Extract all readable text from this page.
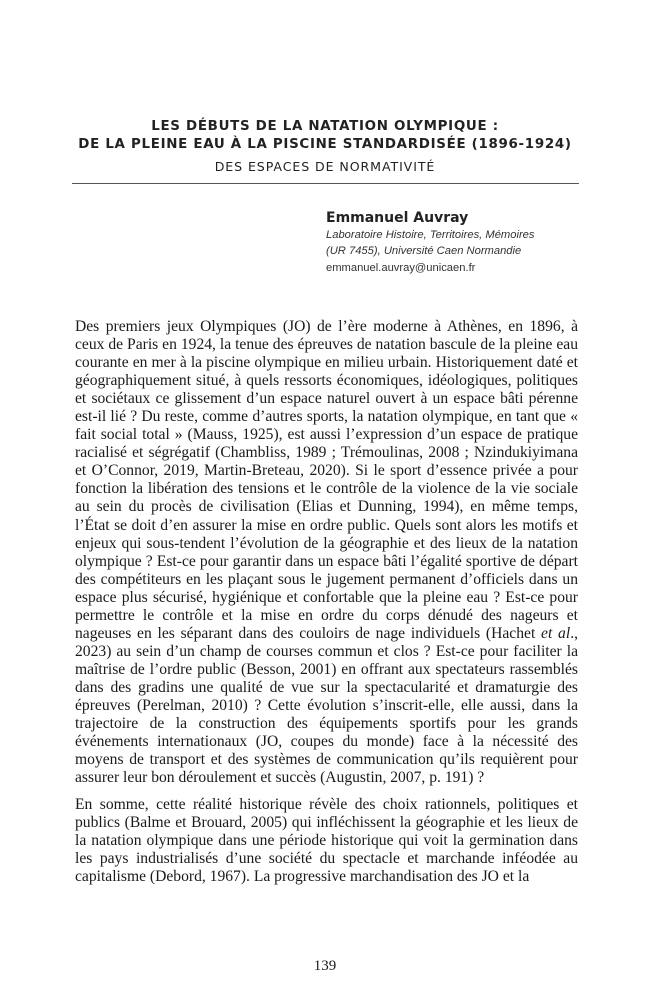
LES DÉBUTS DE LA NATATION OLYMPIQUE :
DE LA PLEINE EAU À LA PISCINE STANDARDISÉE (1896-1924)
DES ESPACES DE NORMATIVITÉ
Emmanuel Auvray
Laboratoire Histoire, Territoires, Mémoires
(UR 7455), Université Caen Normandie
emmanuel.auvray@unicaen.fr

Des premiers jeux Olympiques (JO) de l’ère moderne à Athènes, en 1896, à ceux de Paris en 1924, la tenue des épreuves de natation bascule de la pleine eau courante en mer à la piscine olympique en milieu urbain. Historiquement daté et géographiquement situé, à quels ressorts économiques, idéologiques, politiques et sociétaux ce glissement d’un espace naturel ouvert à un espace bâti pérenne est-il lié ? Du reste, comme d’autres sports, la natation olympique, en tant que « fait social total » (Mauss, 1925), est aussi l’expression d’un espace de pratique racialisé et ségrégatif (Chambliss, 1989 ; Trémoulinas, 2008 ; Nzindukiyimana et O’Connor, 2019, Martin-Breteau, 2020). Si le sport d’essence privée a pour fonction la libération des tensions et le contrôle de la violence de la vie sociale au sein du procès de civilisation (Elias et Dunning, 1994), en même temps, l’État se doit d’en assurer la mise en ordre public. Quels sont alors les motifs et enjeux qui sous-tendent l’évolution de la géographie et des lieux de la natation olympique ? Est-ce pour garantir dans un espace bâti l’égalité sportive de départ des compétiteurs en les plaçant sous le jugement permanent d’officiels dans un espace plus sécurisé, hygiénique et confortable que la pleine eau ? Est-ce pour permettre le contrôle et la mise en ordre du corps dénudé des nageurs et nageuses en les séparant dans des couloirs de nage individuels (Hachet et al., 2023) au sein d’un champ de courses commun et clos ? Est-ce pour faciliter la maîtrise de l’ordre public (Besson, 2001) en offrant aux spectateurs rassemblés dans des gradins une qualité de vue sur la spectacularité et dramaturgie des épreuves (Perelman, 2010) ? Cette évolution s’inscrit-elle, elle aussi, dans la trajectoire de la construction des équipements sportifs pour les grands événements internationaux (JO, coupes du monde) face à la nécessité des moyens de transport et des systèmes de communication qu’ils requièrent pour assurer leur bon déroulement et succès (Augustin, 2007, p. 191) ?

En somme, cette réalité historique révèle des choix rationnels, politiques et publics (Balme et Brouard, 2005) qui infléchissent la géographie et les lieux de la natation olympique dans une période historique qui voit la germination dans les pays industrialisés d’une société du spectacle et marchande inféodée au capitalisme (Debord, 1967). La progressive marchandisation des JO et la

139
